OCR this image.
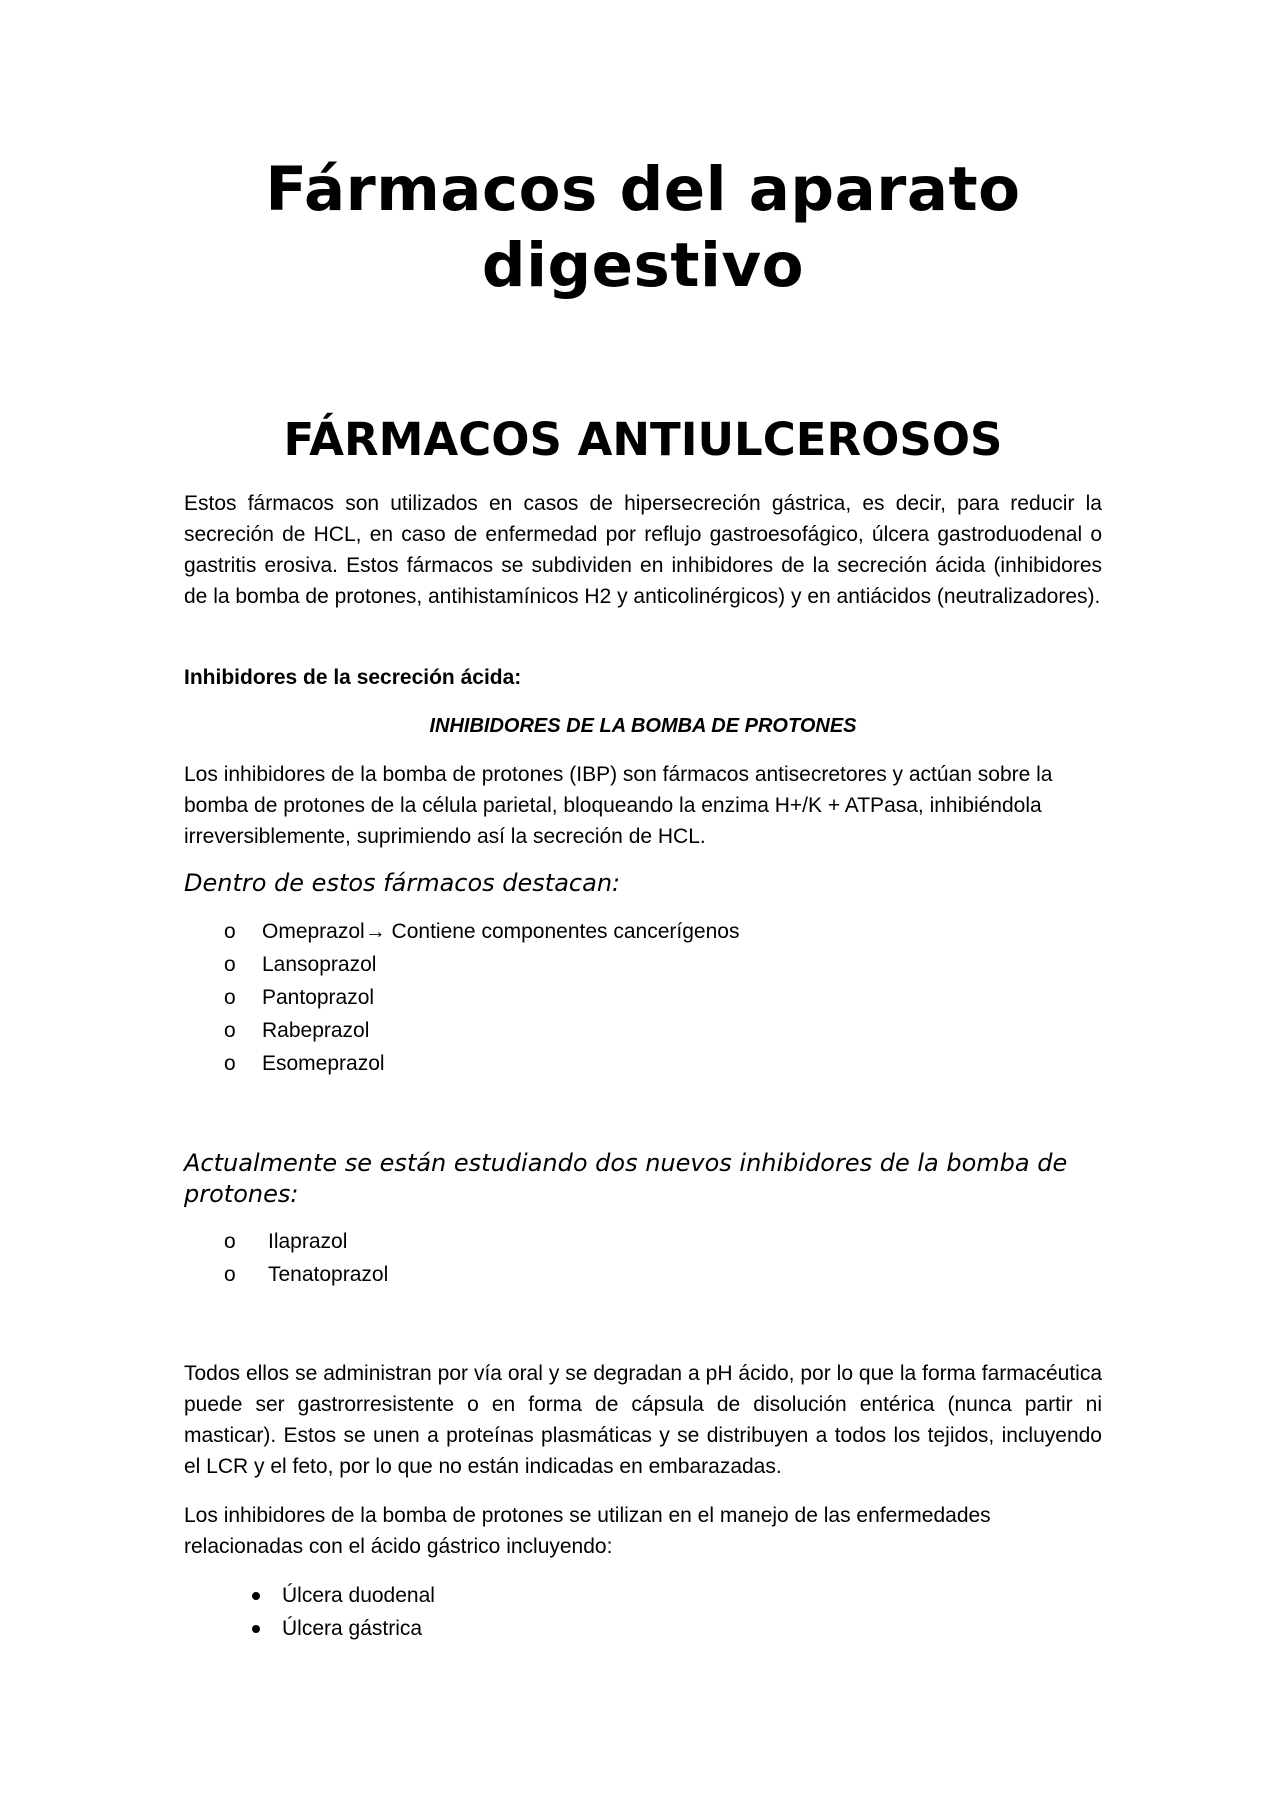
Fármacos del aparato digestivo
FÁRMACOS ANTIULCEROSOS

Estos fármacos son utilizados en casos de hipersecreción gástrica, es decir, para reducir la secreción de HCL, en caso de enfermedad por reflujo gastroesofágico, úlcera gastroduodenal o gastritis erosiva. Estos fármacos se subdividen en inhibidores de la secreción ácida (inhibidores de la bomba de protones, antihistamínicos H2 y anticolinérgicos) y en antiácidos (neutralizadores).

Inhibidores de la secreción ácida:

INHIBIDORES DE LA BOMBA DE PROTONES

Los inhibidores de la bomba de protones (IBP) son fármacos antisecretores y actúan sobre la bomba de protones de la célula parietal, bloqueando la enzima H+/K + ATPasa, inhibiéndola irreversiblemente, suprimiendo así la secreción de HCL.

Dentro de estos fármacos destacan:

o Omeprazol→ Contiene componentes cancerígenos
o Lansoprazol
o Pantoprazol
o Rabeprazol
o Esomeprazol

Actualmente se están estudiando dos nuevos inhibidores de la bomba de protones:

o Ilaprazol
o Tenatoprazol

Todos ellos se administran por vía oral y se degradan a pH ácido, por lo que la forma farmacéutica puede ser gastrorresistente o en forma de cápsula de disolución entérica (nunca partir ni masticar). Estos se unen a proteínas plasmáticas y se distribuyen a todos los tejidos, incluyendo el LCR y el feto, por lo que no están indicadas en embarazadas.

Los inhibidores de la bomba de protones se utilizan en el manejo de las enfermedades relacionadas con el ácido gástrico incluyendo:

Úlcera duodenal
Úlcera gástrica
